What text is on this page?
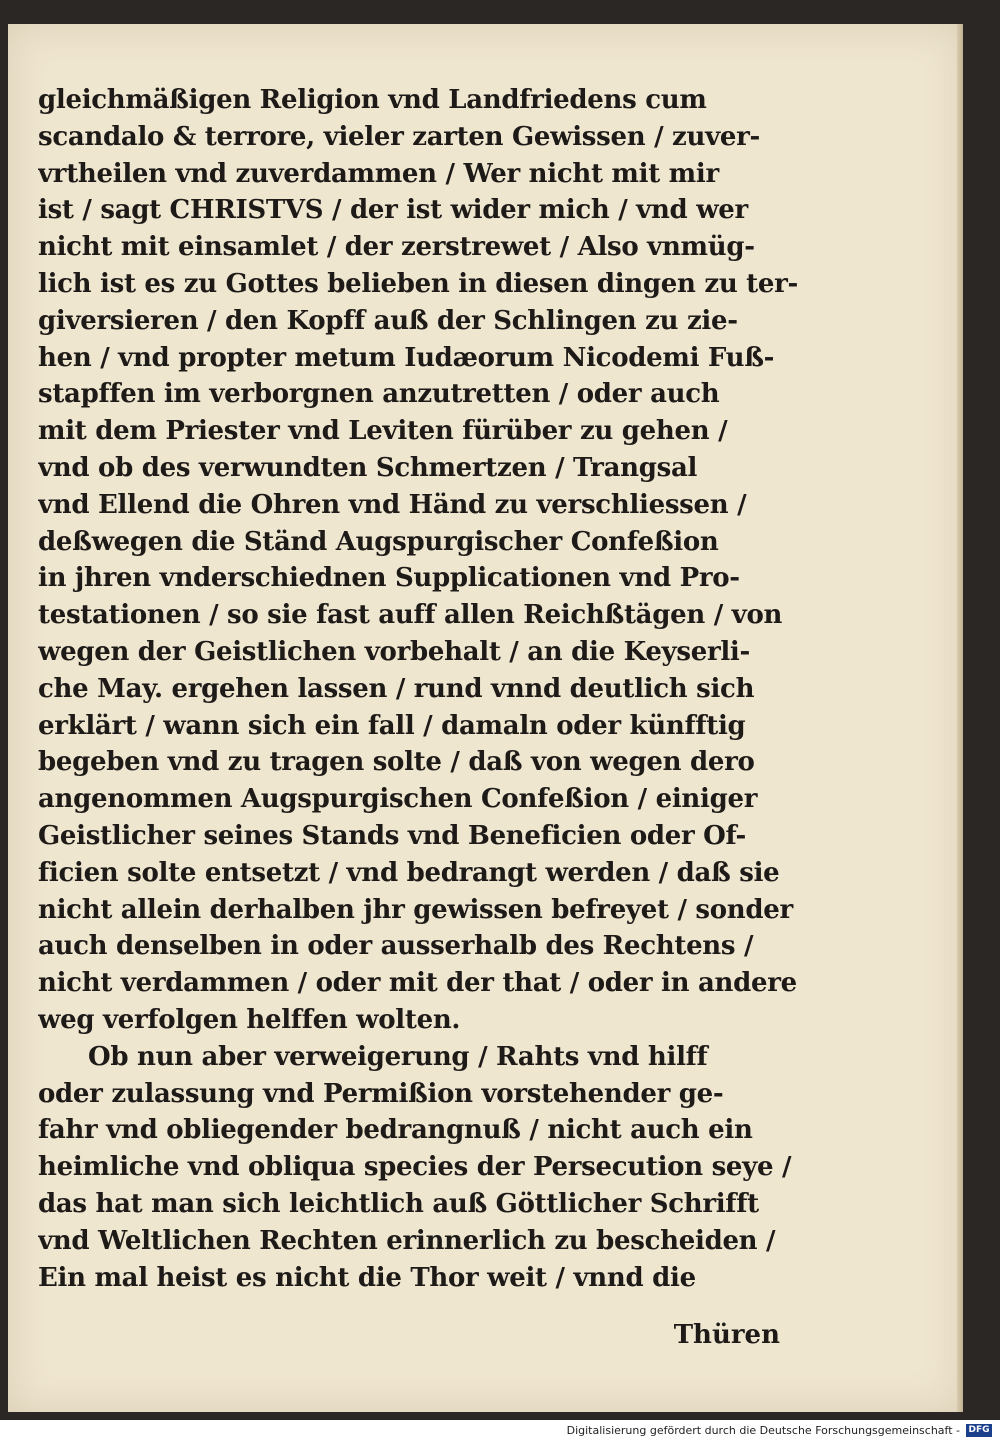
gleichmäßigen Religion vnd Landfriedens cum
scandalo & terrore, vieler zarten Gewissen / zuver-
vrtheilen vnd zuverdammen / Wer nicht mit mir
ist / sagt CHRISTVS / der ist wider mich / vnd wer
nicht mit einsamlet / der zerstrewet / Also vnmüg-
lich ist es zu Gottes belieben in diesen dingen zu ter-
giversieren / den Kopff auß der Schlingen zu zie-
hen / vnd propter metum Iudæorum Nicodemi Fuß-
stapffen im verborgnen anzutretten / oder auch
mit dem Priester vnd Leviten fürüber zu gehen /
vnd ob des verwundten Schmertzen / Trangsal
vnd Ellend die Ohren vnd Händ zu verschliessen /
deßwegen die Ständ Augspurgischer Confeßion
in jhren vnderschiednen Supplicationen vnd Pro-
testationen / so sie fast auff allen Reichßtägen / von
wegen der Geistlichen vorbehalt / an die Keyserli-
che May. ergehen lassen / rund vnnd deutlich sich
erklärt / wann sich ein fall / damaln oder künfftig
begeben vnd zu tragen solte / daß von wegen dero
angenommen Augspurgischen Confeßion / einiger
Geistlicher seines Stands vnd Beneficien oder Of-
ficien solte entsetzt / vnd bedrangt werden / daß sie
nicht allein derhalben jhr gewissen befreyet / sonder
auch denselben in oder ausserhalb des Rechtens /
nicht verdammen / oder mit der that / oder in andere
weg verfolgen helffen wolten.
Ob nun aber verweigerung / Rahts vnd hilff
oder zulassung vnd Permißion vorstehender ge-
fahr vnd obliegender bedrangnuß / nicht auch ein
heimliche vnd obliqua species der Persecution seye /
das hat man sich leichtlich auß Göttlicher Schrifft
vnd Weltlichen Rechten erinnerlich zu bescheiden /
Ein mal heist es nicht die Thor weit / vnnd die
Thüren
Digitalisierung gefördert durch die Deutsche Forschungsgemeinschaft - DFG
